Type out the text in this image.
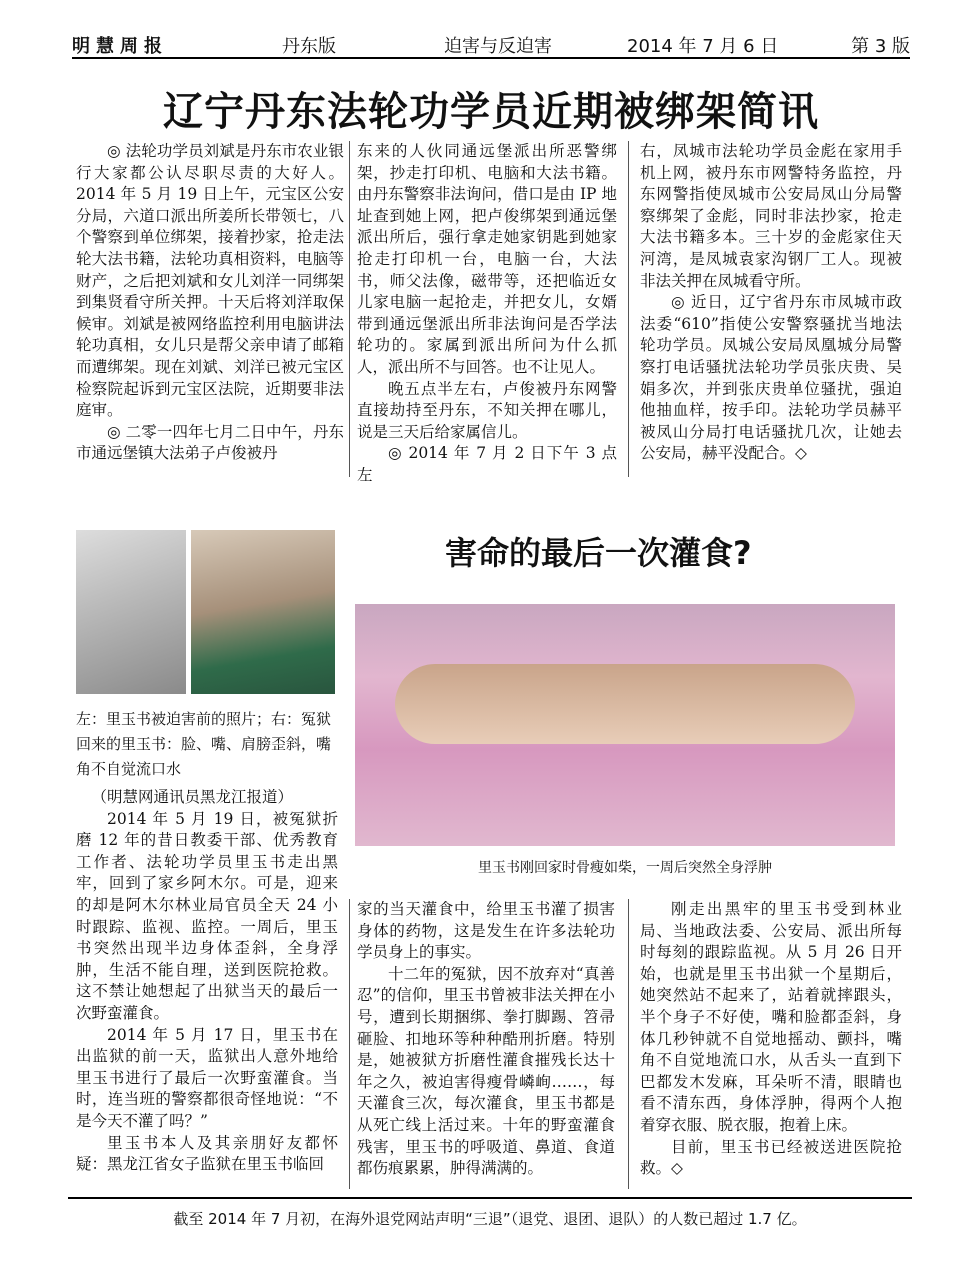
明慧周报	丹东版	迫害与反迫害	2014 年 7 月 6 日	第 3 版
辽宁丹东法轮功学员近期被绑架简讯

◎ 法轮功学员刘斌是丹东市农业银行大家都公认尽职尽责的大好人。2014 年 5 月 19 日上午，元宝区公安分局，六道口派出所姜所长带领七，八个警察到单位绑架，接着抄家，抢走法轮大法书籍，法轮功真相资料，电脑等财产，之后把刘斌和女儿刘洋一同绑架到集贤看守所关押。十天后将刘洋取保候审。刘斌是被网络监控利用电脑讲法轮功真相，女儿只是帮父亲申请了邮箱而遭绑架。现在刘斌、刘洋已被元宝区检察院起诉到元宝区法院，近期要非法庭审。

◎ 二零一四年七月二日中午，丹东市通远堡镇大法弟子卢俊被丹

东来的人伙同通远堡派出所恶警绑架，抄走打印机、电脑和大法书籍。由丹东警察非法询问，借口是由 IP 地址查到她上网，把卢俊绑架到通远堡派出所后，强行拿走她家钥匙到她家抢走打印机一台，电脑一台，大法书，师父法像，磁带等，还把临近女儿家电脑一起抢走，并把女儿，女婿带到通远堡派出所非法询问是否学法轮功的。家属到派出所问为什么抓人，派出所不与回答。也不让见人。

晚五点半左右，卢俊被丹东网警直接劫持至丹东，不知关押在哪儿，说是三天后给家属信儿。

◎ 2014 年 7 月 2 日下午 3 点左

右，凤城市法轮功学员金彪在家用手机上网，被丹东市网警特务监控，丹东网警指使凤城市公安局凤山分局警察绑架了金彪，同时非法抄家，抢走大法书籍多本。三十岁的金彪家住天河湾，是凤城袁家沟钢厂工人。现被非法关押在凤城看守所。

◎ 近日，辽宁省丹东市凤城市政法委“610”指使公安警察骚扰当地法轮功学员。凤城公安局凤凰城分局警察打电话骚扰法轮功学员张庆贵、吴娟多次，并到张庆贵单位骚扰，强迫他抽血样，按手印。法轮功学员赫平被凤山分局打电话骚扰几次，让她去公安局，赫平没配合。◇

左：里玉书被迫害前的照片；右：冤狱回来的里玉书：脸、嘴、肩膀歪斜，嘴角不自觉流口水
害命的最后一次灌食?
里玉书刚回家时骨瘦如柴，一周后突然全身浮肿

（明慧网通讯员黑龙江报道）

2014 年 5 月 19 日，被冤狱折磨 12 年的昔日教委干部、优秀教育工作者、法轮功学员里玉书走出黑牢，回到了家乡阿木尔。可是，迎来的却是阿木尔林业局官员全天 24 小时跟踪、监视、监控。一周后，里玉书突然出现半边身体歪斜，全身浮肿，生活不能自理，送到医院抢救。这不禁让她想起了出狱当天的最后一次野蛮灌食。

2014 年 5 月 17 日，里玉书在出监狱的前一天，监狱出人意外地给里玉书进行了最后一次野蛮灌食。当时，连当班的警察都很奇怪地说：“不是今天不灌了吗？”

里玉书本人及其亲朋好友都怀疑：黑龙江省女子监狱在里玉书临回

家的当天灌食中，给里玉书灌了损害身体的药物，这是发生在许多法轮功学员身上的事实。

十二年的冤狱，因不放弃对“真善忍”的信仰，里玉书曾被非法关押在小号，遭到长期捆绑、拳打脚踢、笤帚砸脸、扣地环等种种酷刑折磨。特别是，她被狱方折磨性灌食摧残长达十年之久，被迫害得瘦骨嶙峋……，每天灌食三次，每次灌食，里玉书都是从死亡线上活过来。十年的野蛮灌食残害，里玉书的呼吸道、鼻道、食道都伤痕累累，肿得满满的。

刚走出黑牢的里玉书受到林业局、当地政法委、公安局、派出所每时每刻的跟踪监视。从 5 月 26 日开始，也就是里玉书出狱一个星期后，她突然站不起来了，站着就摔跟头，半个身子不好使，嘴和脸都歪斜，身体几秒钟就不自觉地摇动、颤抖，嘴角不自觉地流口水，从舌头一直到下巴都发木发麻，耳朵听不清，眼睛也看不清东西，身体浮肿，得两个人抱着穿衣服、脱衣服，抱着上床。

目前，里玉书已经被送进医院抢救。◇

截至 2014 年 7 月初，在海外退党网站声明“三退”（退党、退团、退队）的人数已超过 1.7 亿。
